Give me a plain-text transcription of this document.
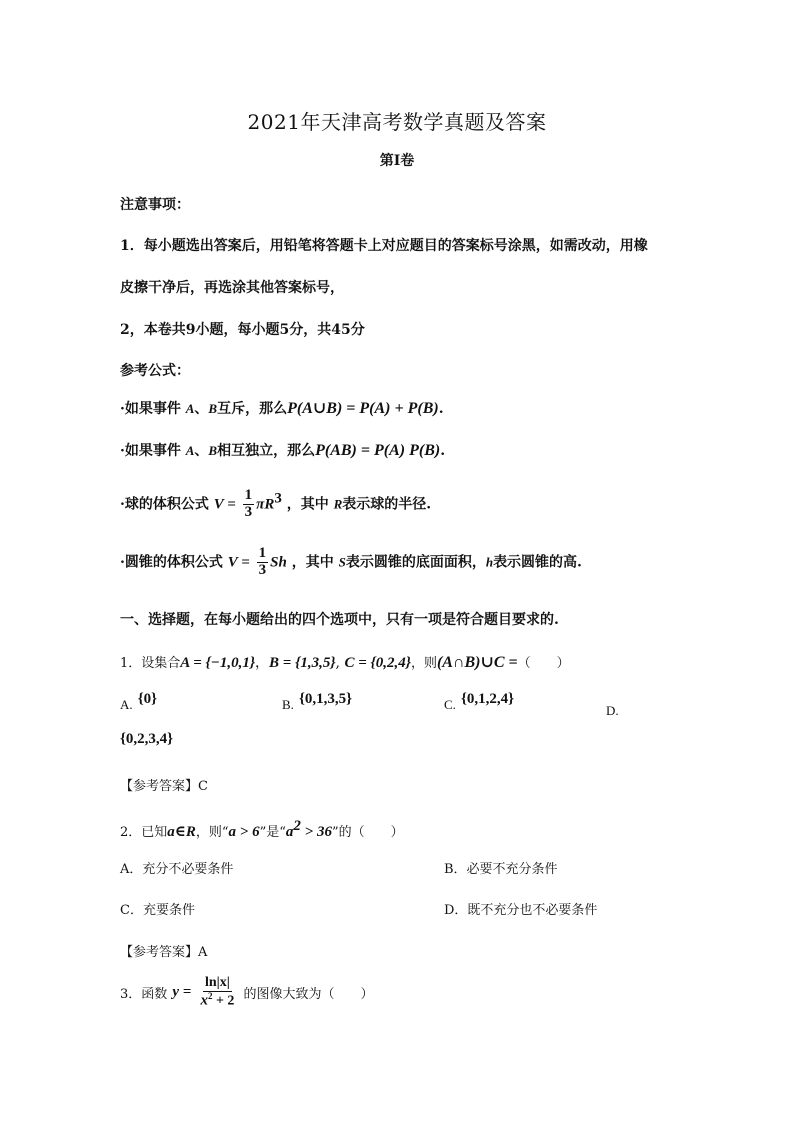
2021年天津高考数学真题及答案
第I卷
注意事项：
1．每小题选出答案后，用铅笔将答题卡上对应题目的答案标号涂黑，如需改动，用橡
皮擦干净后，再选涂其他答案标号，
2，本卷共9小题，每小题5分，共45分
参考公式：
·如果事件 A、B互斥，那么P(A∪B) = P(A) + P(B).
·如果事件 A、B相互独立，那么P(AB) = P(A) P(B).
·球的体积公式 $V = \frac{1}{3} \pi R^3$ ，其中 R表示球的半径.
·圆锥的体积公式 $V = \frac{1}{3}$ Sh ，其中 S表示圆锥的底面面积，h表示圆锥的高.
一、选择题，在每小题给出的四个选项中，只有一项是符合题目要求的.
1．设集合A = {−1,0,1}，B = {1,3,5}, C = {0,2,4}，则(A∩B)∪C =（　　）
A. {0}	B. {0,1,3,5}	C. {0,1,2,4}
D.
{0,2,3,4}
【参考答案】C
2．已知a∈R，则“a > 6”是“$a^2 > 36$”的（　　）
A．充分不必要条件	B．必要不充分条件
C．充要条件	D．既不充分也不必要条件
【参考答案】A
3．函数 $y = \frac{\ln|x|}{x^2 + 2}$ 的图像大致为（　　）
